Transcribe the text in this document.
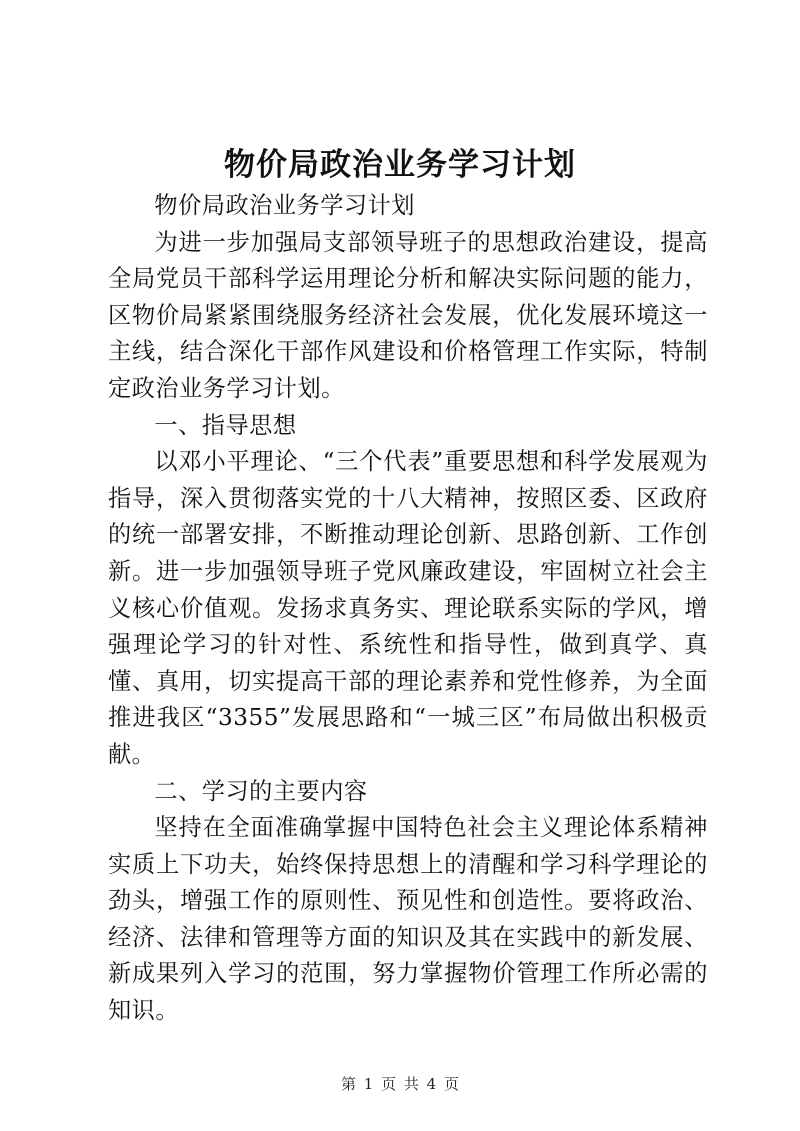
物价局政治业务学习计划

物价局政治业务学习计划

为进一步加强局支部领导班子的思想政治建设，提高全局党员干部科学运用理论分析和解决实际问题的能力，区物价局紧紧围绕服务经济社会发展，优化发展环境这一主线，结合深化干部作风建设和价格管理工作实际，特制定政治业务学习计划。

一、指导思想

以邓小平理论、“三个代表”重要思想和科学发展观为指导，深入贯彻落实党的十八大精神，按照区委、区政府的统一部署安排，不断推动理论创新、思路创新、工作创新。进一步加强领导班子党风廉政建设，牢固树立社会主义核心价值观。发扬求真务实、理论联系实际的学风，增强理论学习的针对性、系统性和指导性，做到真学、真懂、真用，切实提高干部的理论素养和党性修养，为全面推进我区“3355”发展思路和“一城三区”布局做出积极贡献。

二、学习的主要内容

坚持在全面准确掌握中国特色社会主义理论体系精神实质上下功夫，始终保持思想上的清醒和学习科学理论的劲头，增强工作的原则性、预见性和创造性。要将政治、经济、法律和管理等方面的知识及其在实践中的新发展、新成果列入学习的范围，努力掌握物价管理工作所必需的知识。

第 1 页 共 4 页
